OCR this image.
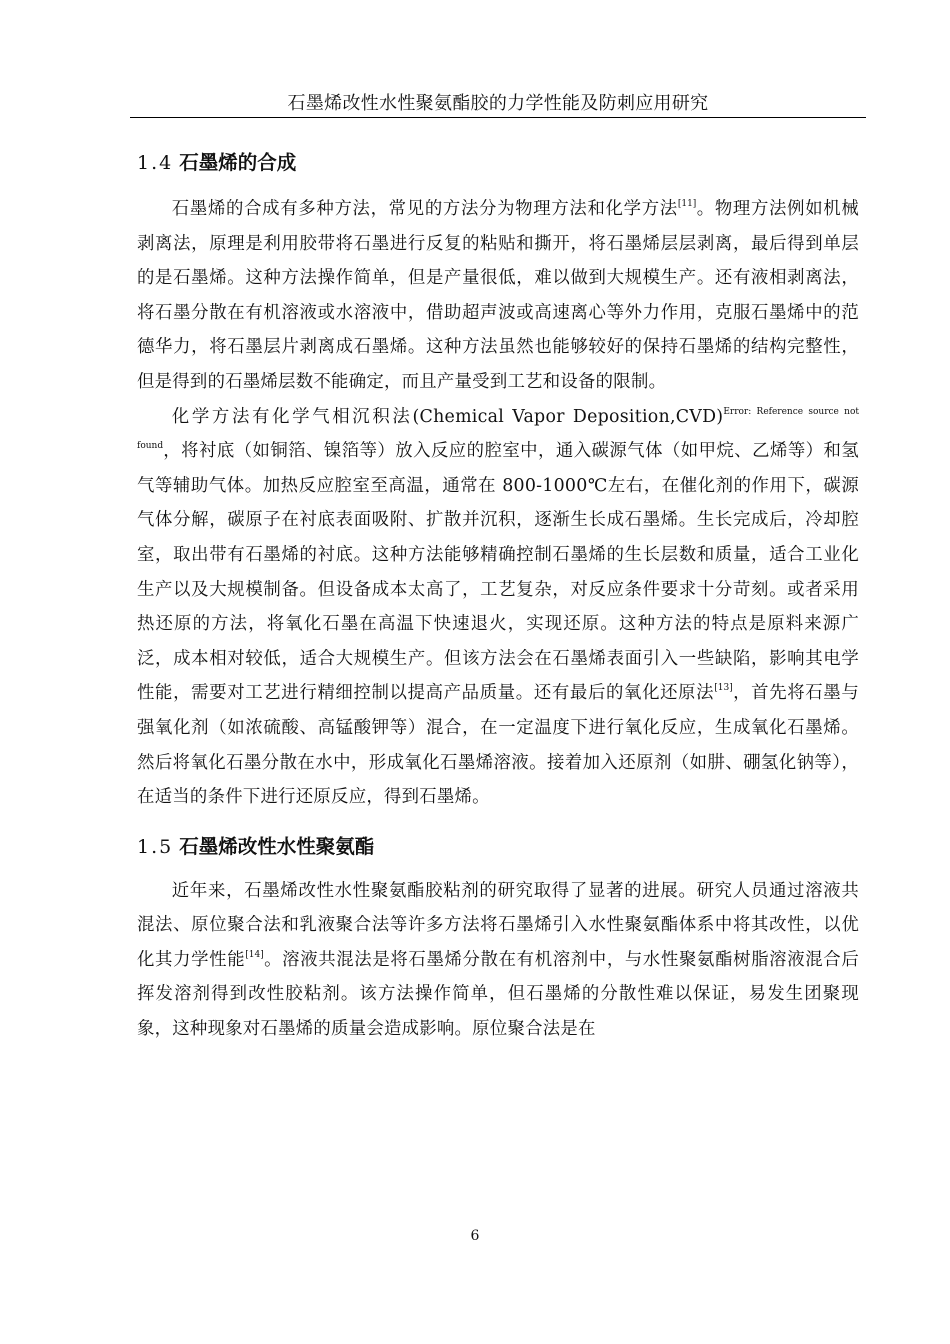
石墨烯改性水性聚氨酯胶的力学性能及防刺应用研究
1.4 石墨烯的合成

石墨烯的合成有多种方法，常见的方法分为物理方法和化学方法[11]。物理方法例如机械剥离法，原理是利用胶带将石墨进行反复的粘贴和撕开，将石墨烯层层剥离，最后得到单层的是石墨烯。这种方法操作简单，但是产量很低，难以做到大规模生产。还有液相剥离法，将石墨分散在有机溶液或水溶液中，借助超声波或高速离心等外力作用，克服石墨烯中的范德华力，将石墨层片剥离成石墨烯。这种方法虽然也能够较好的保持石墨烯的结构完整性，但是得到的石墨烯层数不能确定，而且产量受到工艺和设备的限制。

化学方法有化学气相沉积法(Chemical Vapor Deposition,CVD)$^{Error: Reference source not found}$，将衬底（如铜箔、镍箔等）放入反应的腔室中，通入碳源气体（如甲烷、乙烯等）和氢气等辅助气体。加热反应腔室至高温，通常在 800-1000℃左右，在催化剂的作用下，碳源气体分解，碳原子在衬底表面吸附、扩散并沉积，逐渐生长成石墨烯。生长完成后，冷却腔室，取出带有石墨烯的衬底。这种方法能够精确控制石墨烯的生长层数和质量，适合工业化生产以及大规模制备。但设备成本太高了，工艺复杂，对反应条件要求十分苛刻。或者采用热还原的方法，将氧化石墨在高温下快速退火，实现还原。这种方法的特点是原料来源广泛，成本相对较低，适合大规模生产。但该方法会在石墨烯表面引入一些缺陷，影响其电学性能，需要对工艺进行精细控制以提高产品质量。还有最后的氧化还原法[13]，首先将石墨与强氧化剂（如浓硫酸、高锰酸钾等）混合，在一定温度下进行氧化反应，生成氧化石墨烯。然后将氧化石墨分散在水中，形成氧化石墨烯溶液。接着加入还原剂（如肼、硼氢化钠等），在适当的条件下进行还原反应，得到石墨烯。

1.5 石墨烯改性水性聚氨酯

近年来，石墨烯改性水性聚氨酯胶粘剂的研究取得了显著的进展。研究人员通过溶液共混法、原位聚合法和乳液聚合法等许多方法将石墨烯引入水性聚氨酯体系中将其改性，以优化其力学性能[14]。溶液共混法是将石墨烯分散在有机溶剂中，与水性聚氨酯树脂溶液混合后挥发溶剂得到改性胶粘剂。该方法操作简单，但石墨烯的分散性难以保证，易发生团聚现象，这种现象对石墨烯的质量会造成影响。原位聚合法是在

6
